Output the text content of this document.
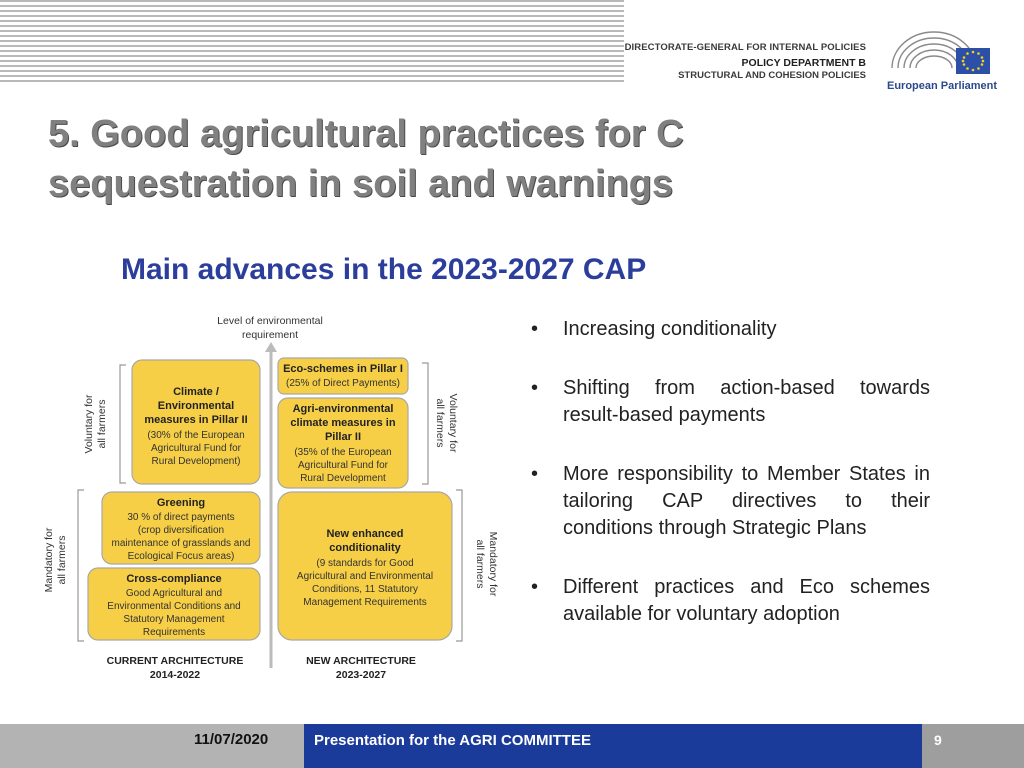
DIRECTORATE-GENERAL FOR INTERNAL POLICIES
POLICY DEPARTMENT B
STRUCTURAL AND COHESION POLICIES
European Parliament
5. Good agricultural practices for C
sequestration in soil and warnings
Main advances in the 2023-2027 CAP
Level of environmental
requirement
Voluntary for all farmers
Mandatory for all farmers
Voluntary for
all farmers
Mandatory for
all farmers
Climate /
Environmental
measures in Pillar II
(30% of the European
Agricultural Fund for
Rural Development)
Greening
30 % of direct payments
(crop diversification
maintenance of grasslands and
Ecological Focus areas)
Cross-compliance
Good Agricultural and
Environmental Conditions and
Statutory Management
Requirements
Eco-schemes in Pillar I
(25% of Direct Payments)
Agri-environmental
climate measures in
Pillar II
(35% of the European
Agricultural Fund for
Rural Development
New enhanced
conditionality
(9 standards for Good
Agricultural and Environmental
Conditions, 11 Statutory
Management Requirements
CURRENT ARCHITECTURE
2014-2022
NEW ARCHITECTURE
2023-2027
• Increasing conditionality
• Shifting from action-based towards result-based payments
• More responsibility to Member States in tailoring CAP directives to their conditions through Strategic Plans
• Different practices and Eco schemes available for voluntary adoption
11/07/2020	Presentation for the AGRI COMMITTEE	9
